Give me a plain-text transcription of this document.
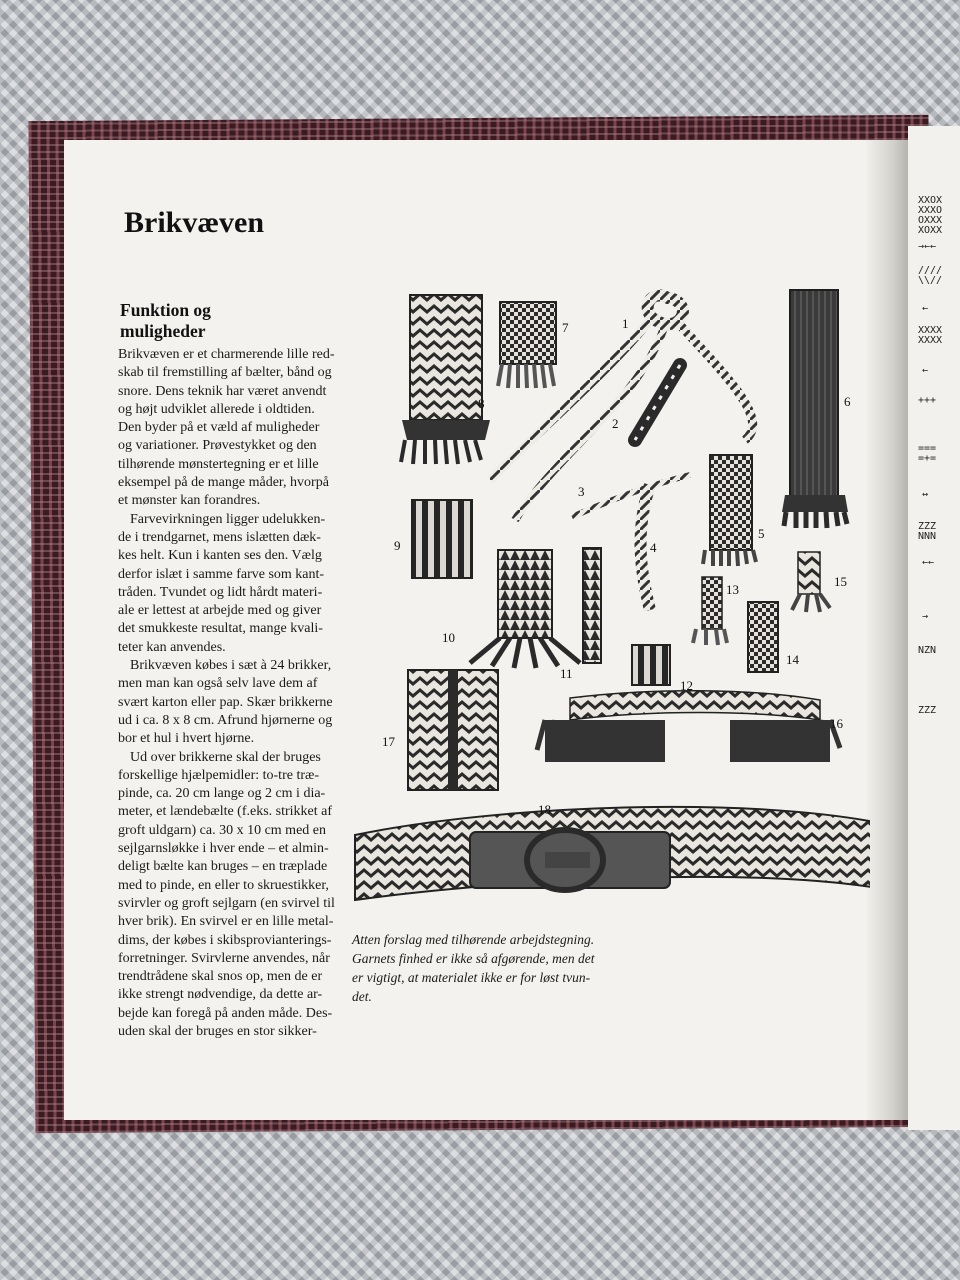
XXOX
XXXO
OXXX
XOXX
→←←
////
\\//
←
XXXX
XXXX
←
+++
===
=+=
↔
ZZZ
NNN
←←
→
NZN
ZZZ
Brikvæven
Funktion og
muligheder
Brikvæven er et charmerende lille red-
skab til fremstilling af bælter, bånd og
snore. Dens teknik har været anvendt
og højt udviklet allerede i oldtiden.
Den byder på et væld af muligheder
og variationer. Prøvestykket og den
tilhørende mønstertegning er et lille
eksempel på de mange måder, hvorpå
et mønster kan forandres.
Farvevirkningen ligger udelukken-
de i trendgarnet, mens islætten dæk-
kes helt. Kun i kanten ses den. Vælg
derfor islæt i samme farve som kant-
tråden. Tvundet og lidt hårdt materi-
ale er lettest at arbejde med og giver
det smukkeste resultat, mange kvali-
teter kan anvendes.
Brikvæven købes i sæt à 24 brikker,
men man kan også selv lave dem af
svært karton eller pap. Skær brikkerne
ud i ca. 8 x 8 cm. Afrund hjørnerne og
bor et hul i hvert hjørne.
Ud over brikkerne skal der bruges
forskellige hjælpemidler: to-tre træ-
pinde, ca. 20 cm lange og 2 cm i dia-
meter, et lændebælte (f.eks. strikket af
groft uldgarn) ca. 30 x 10 cm med en
sejlgarnsløkke i hver ende – et almin-
deligt bælte kan bruges – en træplade
med to pinde, en eller to skruestikker,
svirvler og groft sejlgarn (en svirvel til
hver brik). En svirvel er en lille metal-
dims, der købes i skibsprovianterings-
forretninger. Svirvlerne anvendes, når
trendtrådene skal snos op, men de er
ikke strengt nødvendige, da dette ar-
bejde kan foregå på anden måde. Des-
uden skal der bruges en stor sikker-
1
2
3
4
5
6
7
8
9
10
11
12
13
14
15
16
17
18
Atten forslag med tilhørende arbejdstegning.
Garnets finhed er ikke så afgørende, men det
er vigtigt, at materialet ikke er for løst tvun-
det.
